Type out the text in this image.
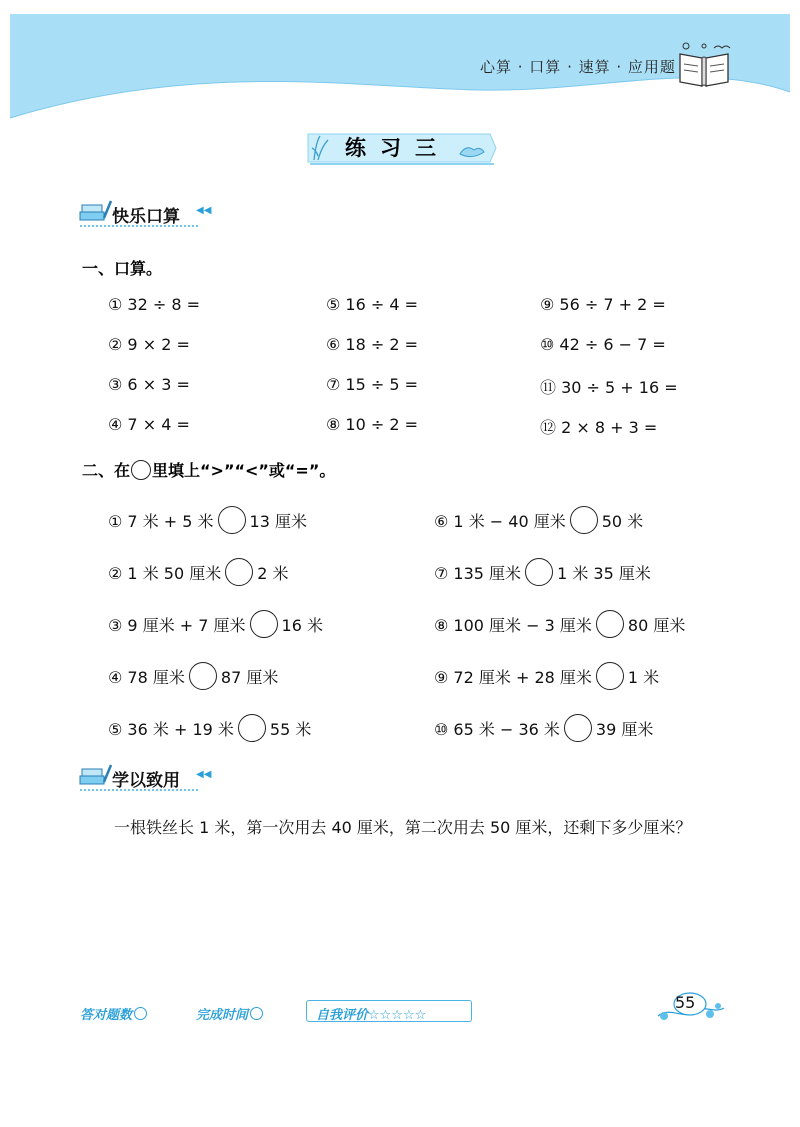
心算 · 口算 · 速算 · 应用题
练习三
快乐口算 ◀◀
一、口算。
① 32 ÷ 8 =
② 9 × 2 =
③ 6 × 3 =
④ 7 × 4 =
⑤ 16 ÷ 4 =
⑥ 18 ÷ 2 =
⑦ 15 ÷ 5 =
⑧ 10 ÷ 2 =
⑨ 56 ÷ 7 + 2 =
⑩ 42 ÷ 6 − 7 =
⑪ 30 ÷ 5 + 16 =
⑫ 2 × 8 + 3 =
二、在 里填上“>”“<”或“=”。
① 7 米 + 5 米 13 厘米
② 1 米 50 厘米 2 米
③ 9 厘米 + 7 厘米 16 米
④ 78 厘米 87 厘米
⑤ 36 米 + 19 米 55 米
⑥ 1 米 − 40 厘米 50 米
⑦ 135 厘米 1 米 35 厘米
⑧ 100 厘米 − 3 厘米 80 厘米
⑨ 72 厘米 + 28 厘米 1 米
⑩ 65 米 − 36 米 39 厘米
学以致用 ◀◀
一根铁丝长 1 米，第一次用去 40 厘米，第二次用去 50 厘米，还剩下多少厘米？
答对题数	完成时间	自我评价☆☆☆☆☆
55
